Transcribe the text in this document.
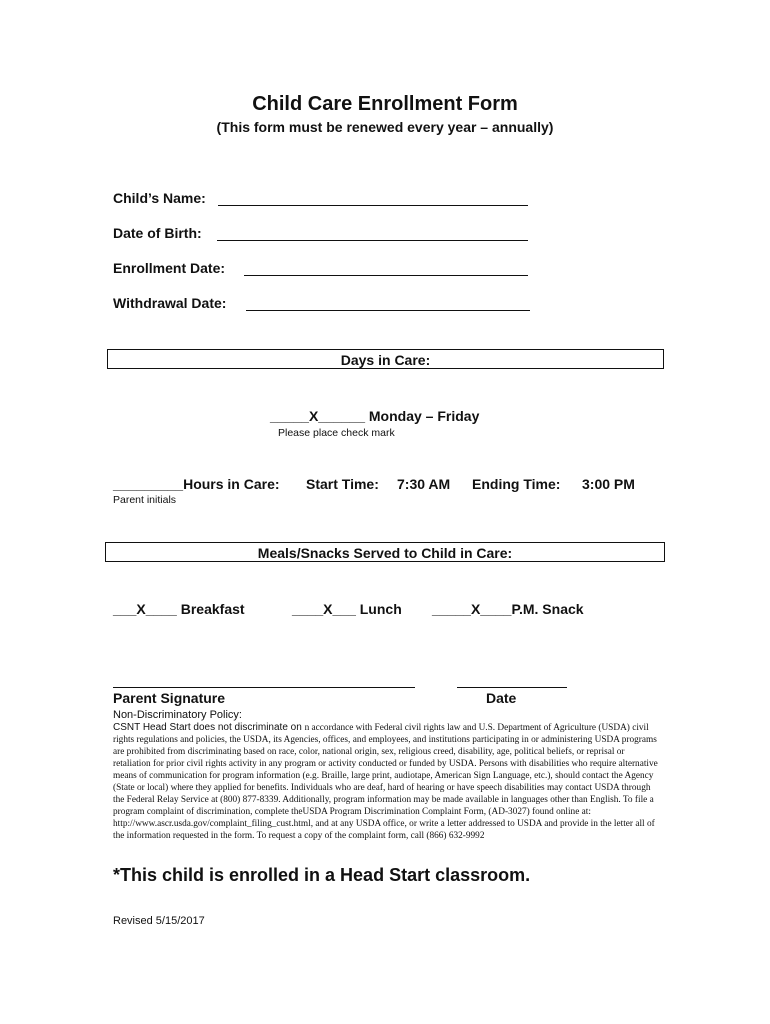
Child Care Enrollment Form
(This form must be renewed every year – annually)
Child’s Name:
Date of Birth:
Enrollment Date:
Withdrawal Date:
Days in Care:
_____X______ Monday – Friday
Please place check mark
_________Hours in Care: Start Time: 7:30 AM Ending Time: 3:00 PM
Parent initials
Meals/Snacks Served to Child in Care:
___X____ Breakfast	____X___ Lunch _____X____P.M. Snack
Parent Signature	Date
Non-Discriminatory Policy:

CSNT Head Start does not discriminate on n accordance with Federal civil rights law and U.S. Department of Agriculture (USDA) civil rights regulations and policies, the USDA, its Agencies, offices, and employees, and institutions participating in or administering USDA programs are prohibited from discriminating based on race, color, national origin, sex, religious creed, disability, age, political beliefs, or reprisal or retaliation for prior civil rights activity in any program or activity conducted or funded by USDA. Persons with disabilities who require alternative means of communication for program information (e.g. Braille, large print, audiotape, American Sign Language, etc.), should contact the Agency (State or local) where they applied for benefits. Individuals who are deaf, hard of hearing or have speech disabilities may contact USDA through the Federal Relay Service at (800) 877-8339. Additionally, program information may be made available in languages other than English. To file a program complaint of discrimination, complete theUSDA Program Discrimination Complaint Form, (AD-3027) found online at: http://www.ascr.usda.gov/complaint_filing_cust.html, and at any USDA office, or write a letter addressed to USDA and provide in the letter all of the information requested in the form. To request a copy of the complaint form, call (866) 632-9992

*This child is enrolled in a Head Start classroom.
Revised 5/15/2017
